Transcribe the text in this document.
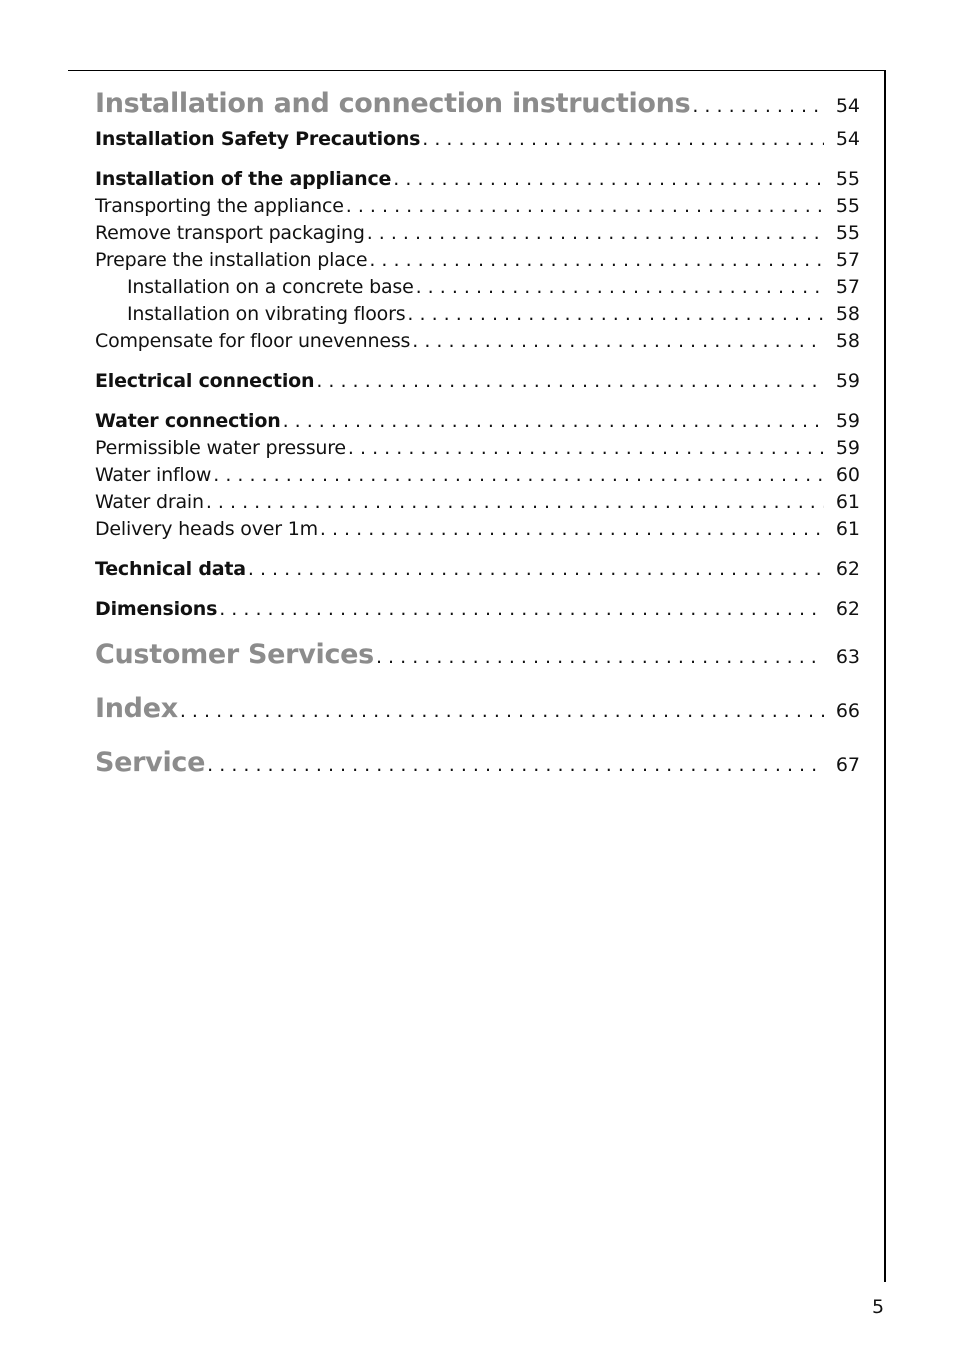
Installation and connection instructions . . .	54
Installation Safety Precautions . . .	54
Installation of the appliance . . .	55
Transporting the appliance . . .	55
Remove transport packaging . . .	55
Prepare the installation place . . .	57
Installation on a concrete base . . .	57
Installation on vibrating floors . . .	58
Compensate for floor unevenness . . .	58
Electrical connection . . .	59
Water connection . . .	59
Permissible water pressure . . .	59
Water inflow . . .	60
Water drain . . .	61
Delivery heads over 1m . . .	61
Technical data . . .	62
Dimensions . . .	62
Customer Services . . .	63
Index . . .	66
Service . . .	67
5
